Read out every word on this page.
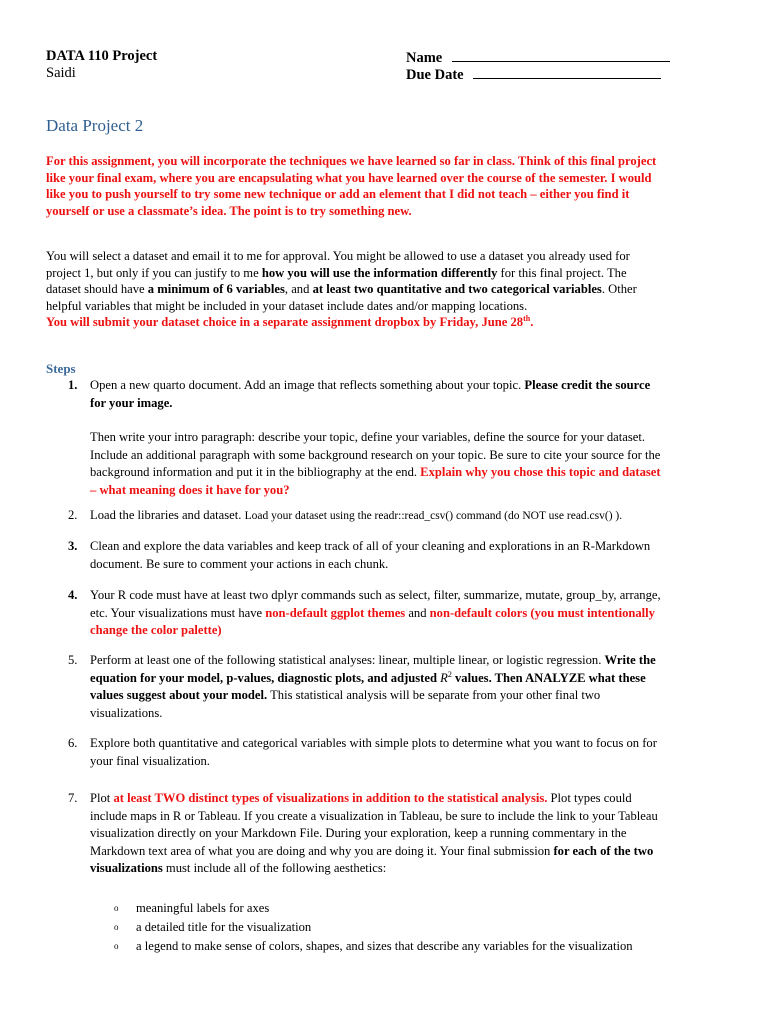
DATA 110 Project
Saidi
Name
Due Date
Data Project 2
For this assignment, you will incorporate the techniques we have learned so far in class. Think of this final project
like your final exam, where you are encapsulating what you have learned over the course of the semester. I would
like you to push yourself to try some new technique or add an element that I did not teach – either you find it
yourself or use a classmate’s idea. The point is to try something new.
You will select a dataset and email it to me for approval. You might be allowed to use a dataset you already used for
project 1, but only if you can justify to me how you will use the information differently for this final project. The
dataset should have a minimum of 6 variables, and at least two quantitative and two categorical variables. Other
helpful variables that might be included in your dataset include dates and/or mapping locations.
You will submit your dataset choice in a separate assignment dropbox by Friday, June 28th.
Steps
1. Open a new quarto document. Add an image that reflects something about your topic. Please credit the source
for your image.
Then write your intro paragraph: describe your topic, define your variables, define the source for your dataset.
Include an additional paragraph with some background research on your topic. Be sure to cite your source for the
background information and put it in the bibliography at the end. Explain why you chose this topic and dataset
– what meaning does it have for you?
2. Load the libraries and dataset. Load your dataset using the readr::read_csv() command (do NOT use read.csv() ).
3. Clean and explore the data variables and keep track of all of your cleaning and explorations in an R-Markdown
document. Be sure to comment your actions in each chunk.
4. Your R code must have at least two dplyr commands such as select, filter, summarize, mutate, group_by, arrange,
etc. Your visualizations must have non-default ggplot themes and non-default colors (you must intentionally
change the color palette)
5. Perform at least one of the following statistical analyses: linear, multiple linear, or logistic regression. Write the
equation for your model, p-values, diagnostic plots, and adjusted $R^2$ values. Then ANALYZE what these
values suggest about your model. This statistical analysis will be separate from your other final two
visualizations.
6. Explore both quantitative and categorical variables with simple plots to determine what you want to focus on for
your final visualization.
7. Plot at least TWO distinct types of visualizations in addition to the statistical analysis. Plot types could
include maps in R or Tableau. If you create a visualization in Tableau, be sure to include the link to your Tableau
visualization directly on your Markdown File. During your exploration, keep a running commentary in the
Markdown text area of what you are doing and why you are doing it. Your final submission for each of the two
visualizations must include all of the following aesthetics:
o meaningful labels for axes
o a detailed title for the visualization
o a legend to make sense of colors, shapes, and sizes that describe any variables for the visualization
